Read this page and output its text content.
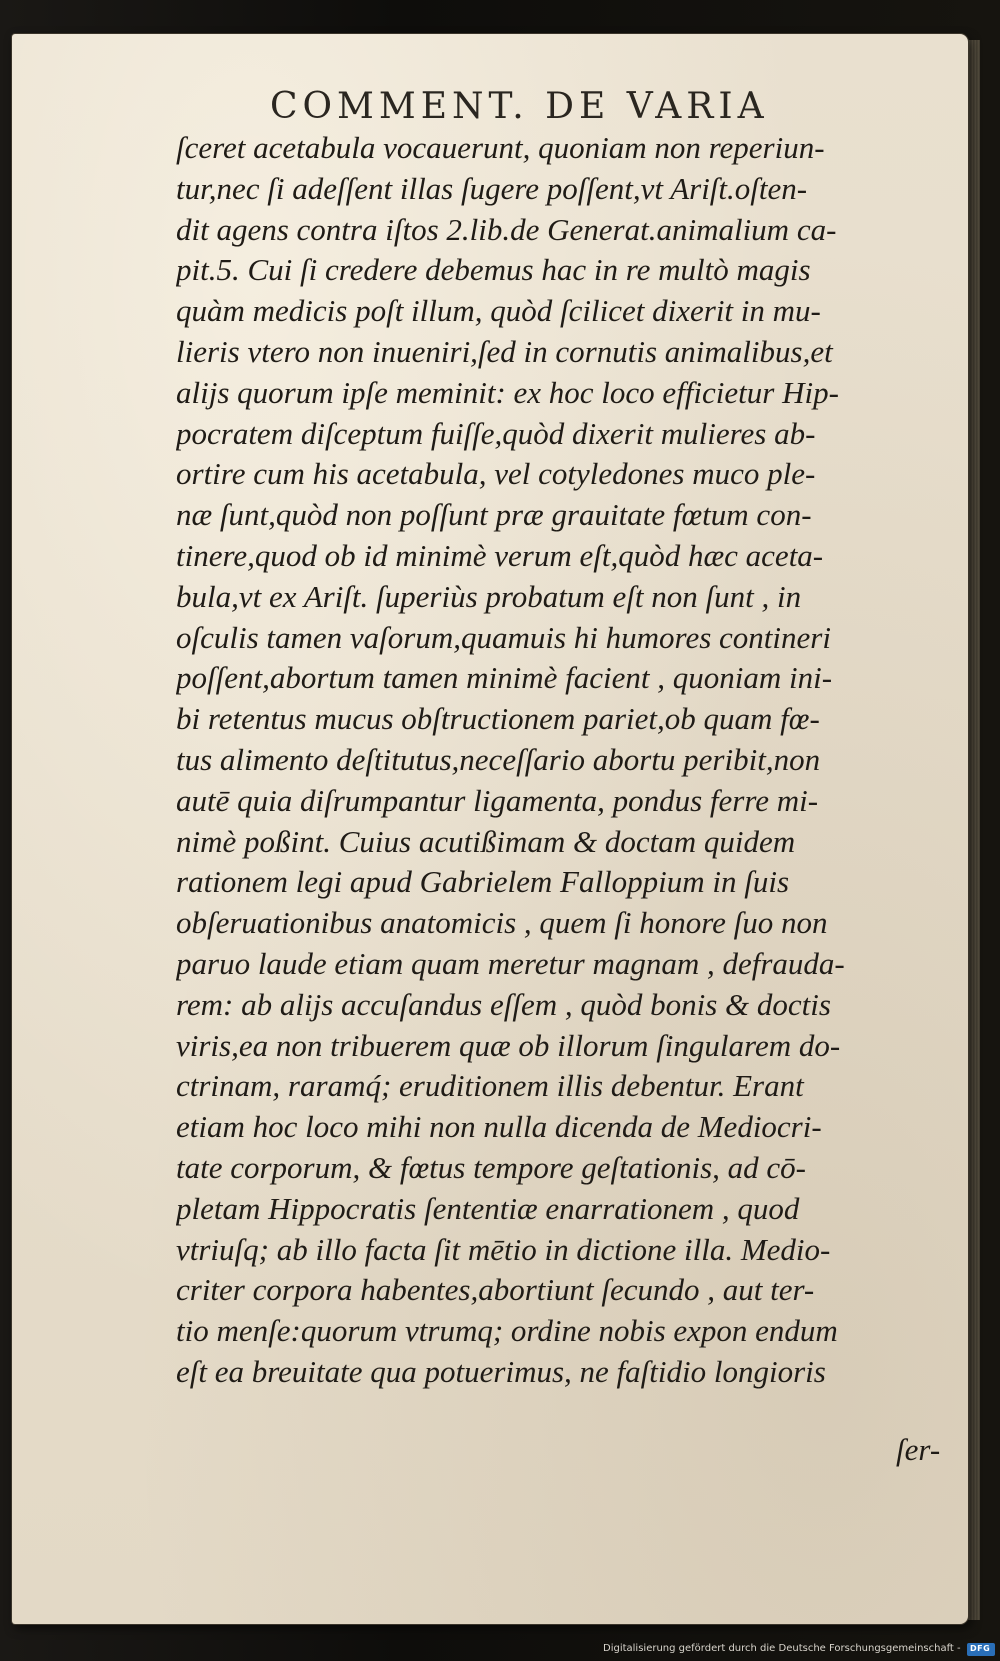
COMMENT. DE VARIA
ſceret acetabula vocauerunt, quoniam non reperiun-
tur,nec ſi adeſſent illas ſugere poſſent,vt Ariſt.oſten-
dit agens contra iſtos 2.lib.de Generat.animalium ca-
pit.5. Cui ſi credere debemus hac in re multò magis
quàm medicis poſt illum, quòd ſcilicet dixerit in mu-
lieris vtero non inueniri,ſed in cornutis animalibus,et
alijs quorum ipſe meminit: ex hoc loco efficietur Hip-
pocratem diſceptum fuiſſe,quòd dixerit mulieres ab-
ortire cum his acetabula, vel cotyledones muco ple-
næ ſunt,quòd non poſſunt præ grauitate fœtum con-
tinere,quod ob id minimè verum eſt,quòd hæc aceta-
bula,vt ex Ariſt. ſuperiùs probatum eſt non ſunt , in
oſculis tamen vaſorum,quamuis hi humores contineri
poſſent,abortum tamen minimè facient , quoniam ini-
bi retentus mucus obſtructionem pariet,ob quam fœ-
tus alimento deſtitutus,neceſſario abortu peribit,non
autē quia diſrumpantur ligamenta, pondus ferre mi-
nimè poßint. Cuius acutißimam & doctam quidem
rationem legi apud Gabrielem Falloppium in ſuis
obſeruationibus anatomicis , quem ſi honore ſuo non
paruo laude etiam quam meretur magnam , defrauda-
rem: ab alijs accuſandus eſſem , quòd bonis & doctis
viris,ea non tribuerem quæ ob illorum ſingularem do-
ctrinam, raramq́; eruditionem illis debentur. Erant
etiam hoc loco mihi non nulla dicenda de Mediocri-
tate corporum, & fœtus tempore geſtationis, ad cō-
pletam Hippocratis ſententiæ enarrationem , quod
vtriuſq; ab illo facta ſit mētio in dictione illa. Medio-
criter corpora habentes,abortiunt ſecundo , aut ter-
tio menſe:quorum vtrumq; ordine nobis expon endum
eſt ea breuitate qua potuerimus, ne faſtidio longioris
ſer-
Digitalisierung gefördert durch die Deutsche Forschungsgemeinschaft - DFG
